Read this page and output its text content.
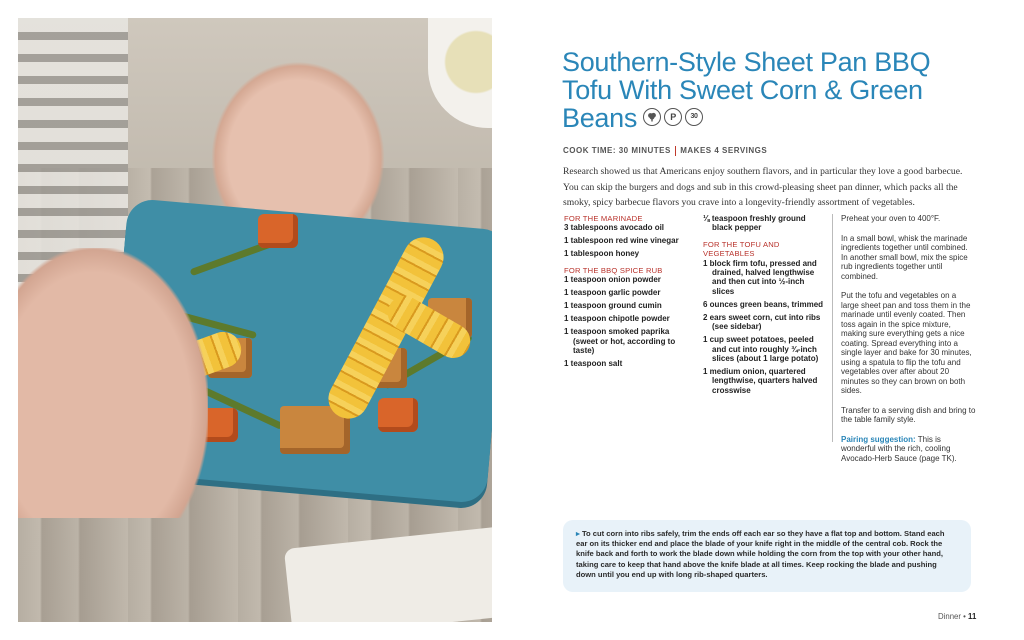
Southern-Style Sheet Pan BBQ Tofu With Sweet Corn & Green Beans	P	30
COOK TIME: 30 MINUTES MAKES 4 SERVINGS

Research showed us that Americans enjoy southern flavors, and in particular they love a good barbecue. You can skip the burgers and dogs and sub in this crowd-pleasing sheet pan dinner, which packs all the smoky, spicy barbecue flavors you crave into a longevity-friendly assortment of vegetables.

FOR THE MARINADE
3 tablespoons avocado oil
1 tablespoon red wine vinegar
1 tablespoon honey
FOR THE BBQ SPICE RUB
1 teaspoon onion powder
1 teaspoon garlic powder
1 teaspoon ground cumin
1 teaspoon chipotle powder
1 teaspoon smoked paprika (sweet or hot, according to taste)
1 teaspoon salt
⅛ teaspoon freshly ground black pepper
FOR THE TOFU AND VEGETABLES
1 block firm tofu, pressed and drained, halved lengthwise and then cut into ½-inch slices
6 ounces green beans, trimmed
2 ears sweet corn, cut into ribs (see sidebar)
1 cup sweet potatoes, peeled and cut into roughly ¾-inch slices (about 1 large potato)
1 medium onion, quartered lengthwise, quarters halved crosswise

Preheat your oven to 400°F.

In a small bowl, whisk the marinade ingredients together until combined. In another small bowl, mix the spice rub ingredients together until combined.

Put the tofu and vegetables on a large sheet pan and toss them in the marinade until evenly coated. Then toss again in the spice mixture, making sure everything gets a nice coating. Spread everything into a single layer and bake for 30 minutes, using a spatula to flip the tofu and vegetables over after about 20 minutes so they can brown on both sides.

Transfer to a serving dish and bring to the table family style.

Pairing suggestion: This is wonderful with the rich, cooling Avocado-Herb Sauce (page TK).

▸ To cut corn into ribs safely, trim the ends off each ear so they have a flat top and bottom. Stand each ear on its thicker end and place the blade of your knife right in the middle of the central cob. Rock the knife back and forth to work the blade down while holding the corn from the top with your other hand, taking care to keep that hand above the knife blade at all times. Keep rocking the blade and pushing down until you end up with long rib-shaped quarters.
Dinner • 11
